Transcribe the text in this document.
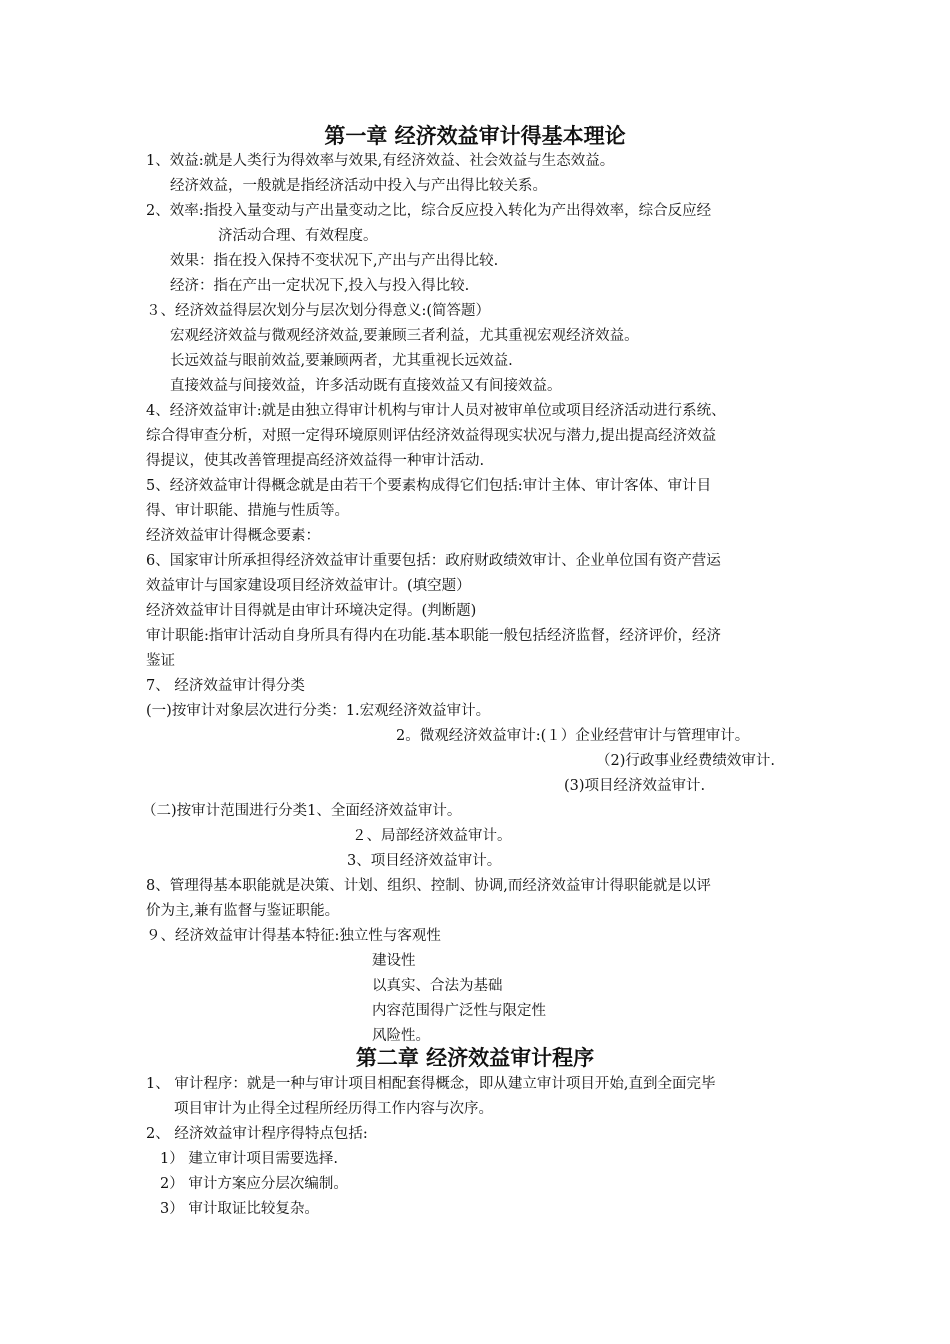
第一章 经济效益审计得基本理论
1、效益:就是人类行为得效率与效果,有经济效益、社会效益与生态效益。
经济效益，一般就是指经济活动中投入与产出得比较关系。
2、效率:指投入量变动与产出量变动之比，综合反应投入转化为产出得效率，综合反应经
济活动合理、有效程度。
效果：指在投入保持不变状况下,产出与产出得比较.
经济：指在产出一定状况下,投入与投入得比较.
３、经济效益得层次划分与层次划分得意义:(简答题）
宏观经济效益与微观经济效益,要兼顾三者利益，尤其重视宏观经济效益。
长远效益与眼前效益,要兼顾两者，尤其重视长远效益.
直接效益与间接效益，许多活动既有直接效益又有间接效益。
4、经济效益审计:就是由独立得审计机构与审计人员对被审单位或项目经济活动进行系统、
综合得审查分析，对照一定得环境原则评估经济效益得现实状况与潜力,提出提高经济效益
得提议，使其改善管理提高经济效益得一种审计活动.
5、经济效益审计得概念就是由若干个要素构成得它们包括:审计主体、审计客体、审计目
得、审计职能、措施与性质等。
经济效益审计得概念要素：
6、国家审计所承担得经济效益审计重要包括：政府财政绩效审计、企业单位国有资产营运
效益审计与国家建设项目经济效益审计。(填空题）
经济效益审计目得就是由审计环境决定得。(判断题)
审计职能:指审计活动自身所具有得内在功能.基本职能一般包括经济监督，经济评价，经济
鉴证
7、 经济效益审计得分类
(一)按审计对象层次进行分类：1.宏观经济效益审计。
2。微观经济效益审计:(１）企业经营审计与管理审计。
（2)行政事业经费绩效审计.
(3)项目经济效益审计.
（二)按审计范围进行分类1、全面经济效益审计。
２、局部经济效益审计。
3、项目经济效益审计。
8、管理得基本职能就是决策、计划、组织、控制、协调,而经济效益审计得职能就是以评
价为主,兼有监督与鉴证职能。
９、经济效益审计得基本特征:独立性与客观性
建设性
以真实、合法为基础
内容范围得广泛性与限定性
风险性。
第二章 经济效益审计程序
1、 审计程序：就是一种与审计项目相配套得概念，即从建立审计项目开始,直到全面完毕
项目审计为止得全过程所经历得工作内容与次序。
2、 经济效益审计程序得特点包括:
1） 建立审计项目需要选择.
2） 审计方案应分层次编制。
3） 审计取证比较复杂。
